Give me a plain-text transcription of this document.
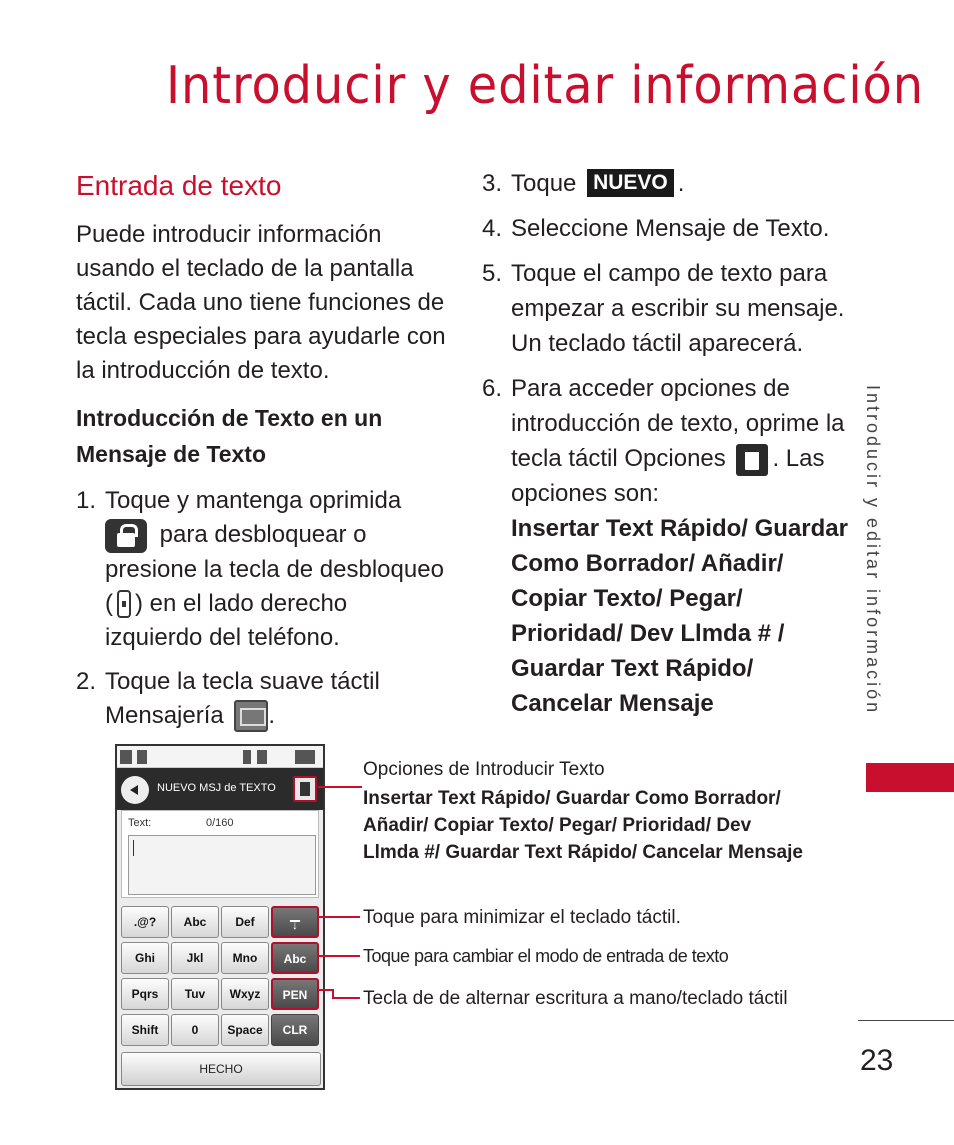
Introducir y editar información
Entrada de texto
Puede introducir información usando el teclado de la pantalla táctil. Cada uno tiene funciones de tecla especiales para ayudarle con la introducción de texto.
Introducción de Texto en un Mensaje de Texto
1. Toque y mantenga oprimida
para desbloquear o presione la tecla de desbloqueo ( ) en el lado derecho izquierdo del teléfono.
2. Toque la tecla suave táctil Mensajería .
3. Toque NUEVO .
4. Seleccione Mensaje de Texto.
5. Toque el campo de texto para empezar a escribir su mensaje. Un teclado táctil aparecerá.
6. Para acceder opciones de introducción de texto, oprime la tecla táctil Opciones . Las opciones son:
Insertar Text Rápido/ Guardar
Como Borrador/ Añadir/
Copiar Texto/ Pegar/
Prioridad/ Dev Llmda # /
Guardar Text Rápido/
Cancelar Mensaje	Introducir y editar información
23
NUEVO MSJ de TEXTO
Text:	0/160
.@?	Abc	Def	↓
Ghi	Jkl	Mno	Abc
Pqrs	Tuv	Wxyz	PEN
Shift	0	Space	CLR
HECHO
Opciones de Introducir Texto
Insertar Text Rápido/ Guardar Como Borrador/
Añadir/ Copiar Texto/ Pegar/ Prioridad/ Dev
Llmda #/ Guardar Text Rápido/ Cancelar Mensaje
Toque para minimizar el teclado táctil.
Toque para cambiar el modo de entrada de texto
Tecla de de alternar escritura a mano/teclado táctil
